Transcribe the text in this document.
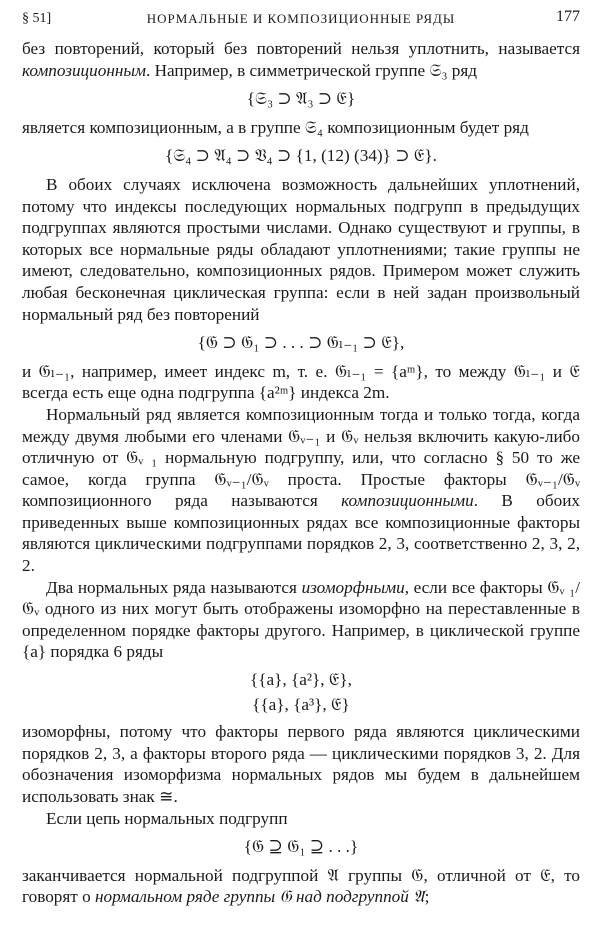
§ 51]	НОРМАЛЬНЫЕ И КОМПОЗИЦИОННЫЕ РЯДЫ	177

без повторений, который без повторений нельзя уплотнить, называется композиционным. Например, в симметрической группе 𝔖₃ ряд

{𝔖₃ ⊃ 𝔄₃ ⊃ 𝔈}

является композиционным, а в группе 𝔖₄ композиционным будет ряд

{𝔖₄ ⊃ 𝔄₄ ⊃ 𝔙₄ ⊃ {1, (12) (34)} ⊃ 𝔈}.

В обоих случаях исключена возможность дальнейших уплотнений, потому что индексы последующих нормальных подгрупп в предыдущих подгруппах являются простыми числами. Однако существуют и группы, в которых все нормальные ряды обладают уплотнениями; такие группы не имеют, следовательно, композиционных рядов. Примером может служить любая бесконечная циклическая группа: если в ней задан произвольный нормальный ряд без повторений

{𝔊 ⊃ 𝔊₁ ⊃ . . . ⊃ 𝔊ₗ₋₁ ⊃ 𝔈},

и 𝔊ₗ₋₁, например, имеет индекс m, т. е. 𝔊ₗ₋₁ = {aᵐ}, то между 𝔊ₗ₋₁ и 𝔈 всегда есть еще одна подгруппа {a²ᵐ} индекса 2m.

Нормальный ряд является композиционным тогда и только тогда, когда между двумя любыми его членами 𝔊ᵥ₋₁ и 𝔊ᵥ нельзя включить какую-либо отличную от 𝔊ᵥ ₁ нормальную подгруппу, или, что согласно § 50 то же самое, когда группа 𝔊ᵥ₋₁/𝔊ᵥ проста. Простые факторы 𝔊ᵥ₋₁/𝔊ᵥ композиционного ряда называются композиционными. В обоих приведенных выше композиционных рядах все композиционные факторы являются циклическими подгруппами порядков 2, 3, соответственно 2, 3, 2, 2.

Два нормальных ряда называются изоморфными, если все факторы 𝔊ᵥ ₁/𝔊ᵥ одного из них могут быть отображены изоморфно на переставленные в определенном порядке факторы другого. Например, в циклической группе {a} порядка 6 ряды

{{a}, {a²}, 𝔈},
{{a}, {a³}, 𝔈}

изоморфны, потому что факторы первого ряда являются циклическими порядков 2, 3, а факторы второго ряда — циклическими порядков 3, 2. Для обозначения изоморфизма нормальных рядов мы будем в дальнейшем использовать знак ≅.

Если цепь нормальных подгрупп

{𝔊 ⊇ 𝔊₁ ⊇ . . .}

заканчивается нормальной подгруппой 𝔄 группы 𝔊, отличной от 𝔈, то говорят о нормальном ряде группы 𝔊 над подгруппой 𝔄;
